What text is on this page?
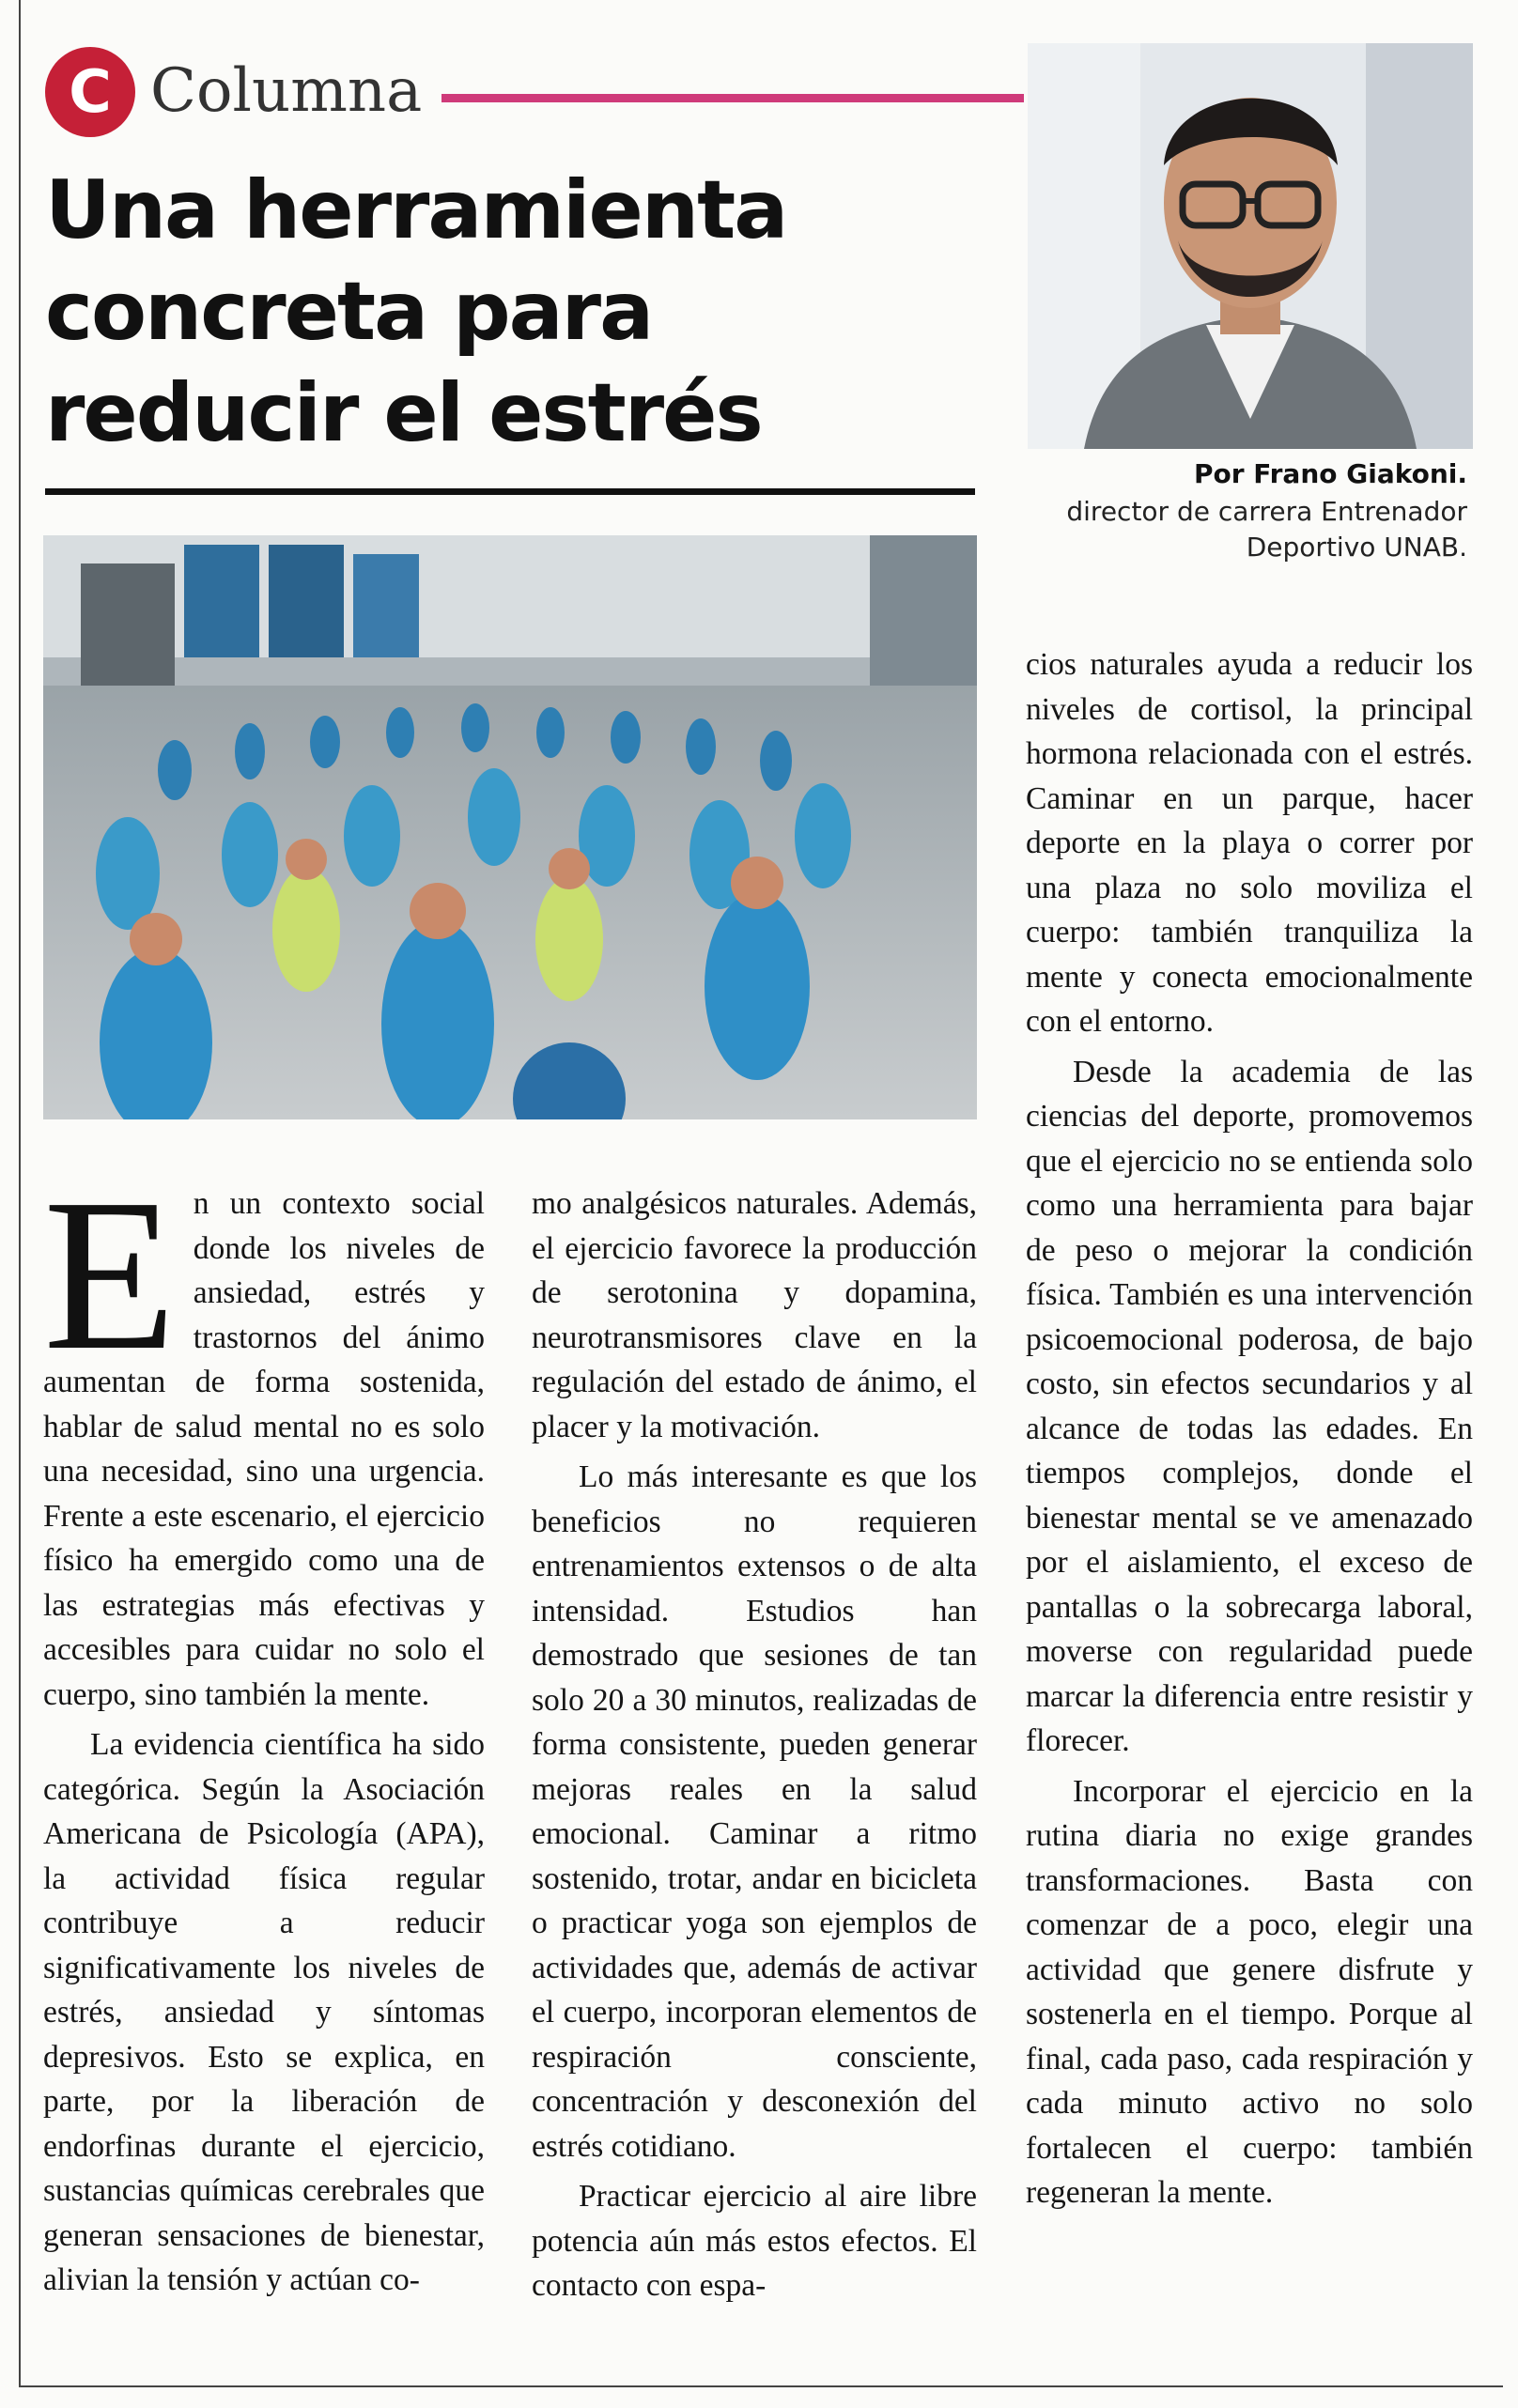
C Columna
Una herramienta concreta para reducir el estrés
Por Frano Giakoni.
director de carrera Entrenador Deportivo UNAB.

En un contexto social donde los niveles de ansiedad, estrés y trastornos del ánimo aumentan de forma sostenida, hablar de salud mental no es solo una necesidad, sino una urgencia. Frente a este escenario, el ejercicio físico ha emergido como una de las estrategias más efectivas y accesibles para cuidar no solo el cuerpo, sino también la mente.

La evidencia científica ha sido categórica. Según la Asociación Americana de Psicología (APA), la actividad física regular contribuye a reducir significativamente los niveles de estrés, ansiedad y síntomas depresivos. Esto se explica, en parte, por la liberación de endorfinas durante el ejercicio, sustancias químicas cerebrales que generan sensaciones de bienestar, alivian la tensión y actúan co-

mo analgésicos naturales. Además, el ejercicio favorece la producción de serotonina y dopamina, neurotransmisores clave en la regulación del estado de ánimo, el placer y la motivación.

Lo más interesante es que los beneficios no requieren entrenamientos extensos o de alta intensidad. Estudios han demostrado que sesiones de tan solo 20 a 30 minutos, realizadas de forma consistente, pueden generar mejoras reales en la salud emocional. Caminar a ritmo sostenido, trotar, andar en bicicleta o practicar yoga son ejemplos de actividades que, además de activar el cuerpo, incorporan elementos de respiración consciente, concentración y desconexión del estrés cotidiano.

Practicar ejercicio al aire libre potencia aún más estos efectos. El contacto con espa-

cios naturales ayuda a reducir los niveles de cortisol, la principal hormona relacionada con el estrés. Caminar en un parque, hacer deporte en la playa o correr por una plaza no solo moviliza el cuerpo: también tranquiliza la mente y conecta emocionalmente con el entorno.

Desde la academia de las ciencias del deporte, promovemos que el ejercicio no se entienda solo como una herramienta para bajar de peso o mejorar la condición física. También es una intervención psicoemocional poderosa, de bajo costo, sin efectos secundarios y al alcance de todas las edades. En tiempos complejos, donde el bienestar mental se ve amenazado por el aislamiento, el exceso de pantallas o la sobrecarga laboral, moverse con regularidad puede marcar la diferencia entre resistir y florecer.

Incorporar el ejercicio en la rutina diaria no exige grandes transformaciones. Basta con comenzar de a poco, elegir una actividad que genere disfrute y sostenerla en el tiempo. Porque al final, cada paso, cada respiración y cada minuto activo no solo fortalecen el cuerpo: también regeneran la mente.
